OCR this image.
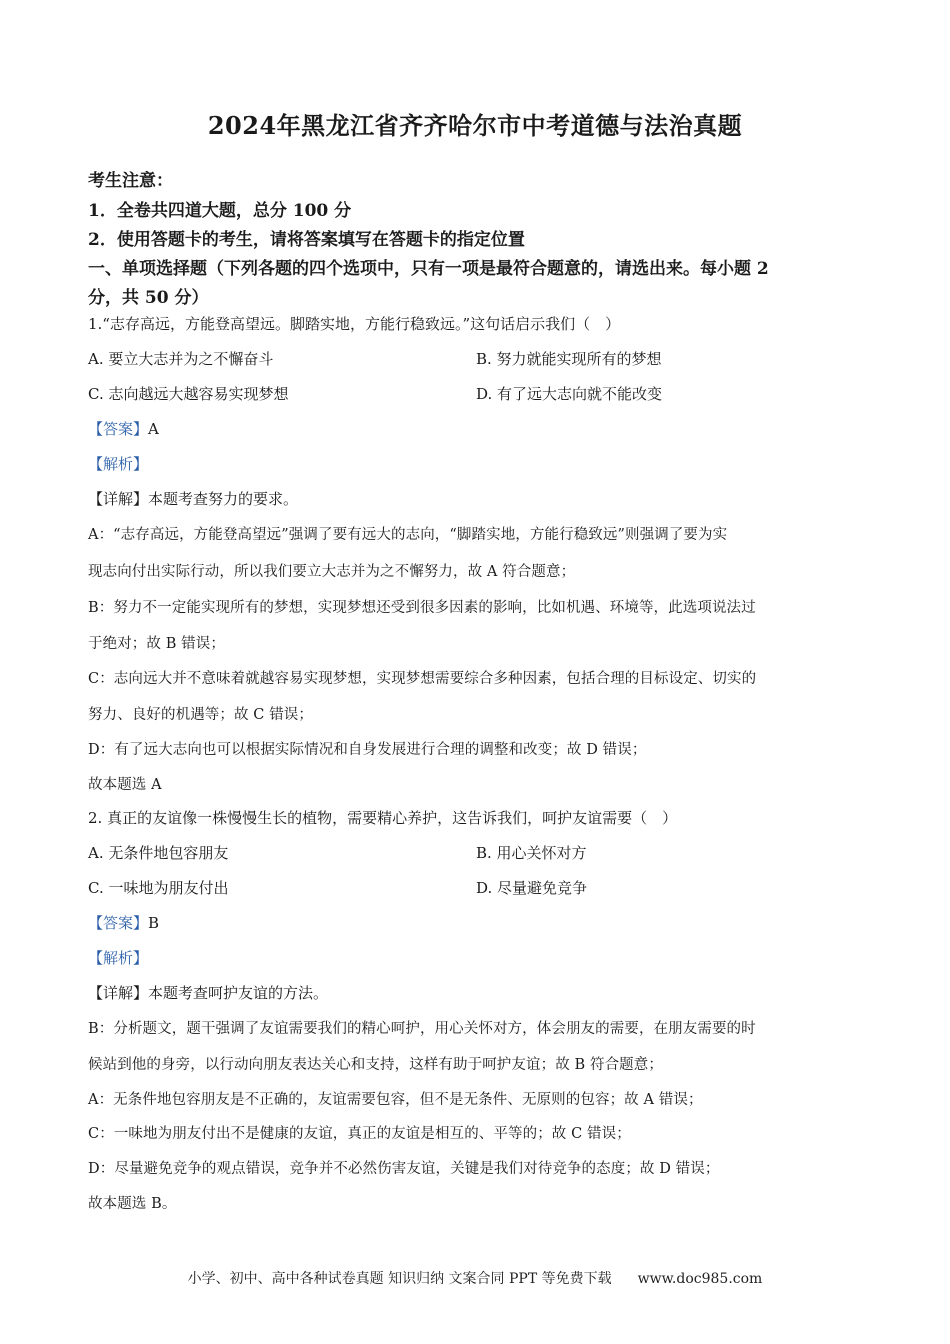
2024年黑龙江省齐齐哈尔市中考道德与法治真题
考生注意：
1．全卷共四道大题，总分 100 分
2．使用答题卡的考生，请将答案填写在答题卡的指定位置
一、单项选择题（下列各题的四个选项中，只有一项是最符合题意的，请选出来。每小题 2
分，共 50 分）
1.“志存高远，方能登高望远。脚踏实地，方能行稳致远。”这句话启示我们（　）
A. 要立大志并为之不懈奋斗	B. 努力就能实现所有的梦想
C. 志向越远大越容易实现梦想	D. 有了远大志向就不能改变
【答案】A
【解析】
【详解】本题考查努力的要求。
A：“志存高远，方能登高望远”强调了要有远大的志向，“脚踏实地，方能行稳致远”则强调了要为实
现志向付出实际行动，所以我们要立大志并为之不懈努力，故 A 符合题意；
B：努力不一定能实现所有的梦想，实现梦想还受到很多因素的影响，比如机遇、环境等，此选项说法过
于绝对；故 B 错误；
C：志向远大并不意味着就越容易实现梦想，实现梦想需要综合多种因素，包括合理的目标设定、切实的
努力、良好的机遇等；故 C 错误；
D：有了远大志向也可以根据实际情况和自身发展进行合理的调整和改变；故 D 错误；
故本题选 A
2. 真正的友谊像一株慢慢生长的植物，需要精心养护，这告诉我们，呵护友谊需要（　）
A. 无条件地包容朋友	B. 用心关怀对方
C. 一味地为朋友付出	D. 尽量避免竞争
【答案】B
【解析】
【详解】本题考查呵护友谊的方法。
B：分析题文，题干强调了友谊需要我们的精心呵护，用心关怀对方，体会朋友的需要，在朋友需要的时
候站到他的身旁，以行动向朋友表达关心和支持，这样有助于呵护友谊；故 B 符合题意；
A：无条件地包容朋友是不正确的，友谊需要包容，但不是无条件、无原则的包容；故 A 错误；
C：一味地为朋友付出不是健康的友谊，真正的友谊是相互的、平等的；故 C 错误；
D：尽量避免竞争的观点错误，竞争并不必然伤害友谊，关键是我们对待竞争的态度；故 D 错误；
故本题选 B。
小学、初中、高中各种试卷真题 知识归纳 文案合同 PPT 等免费下载 www.doc985.com
